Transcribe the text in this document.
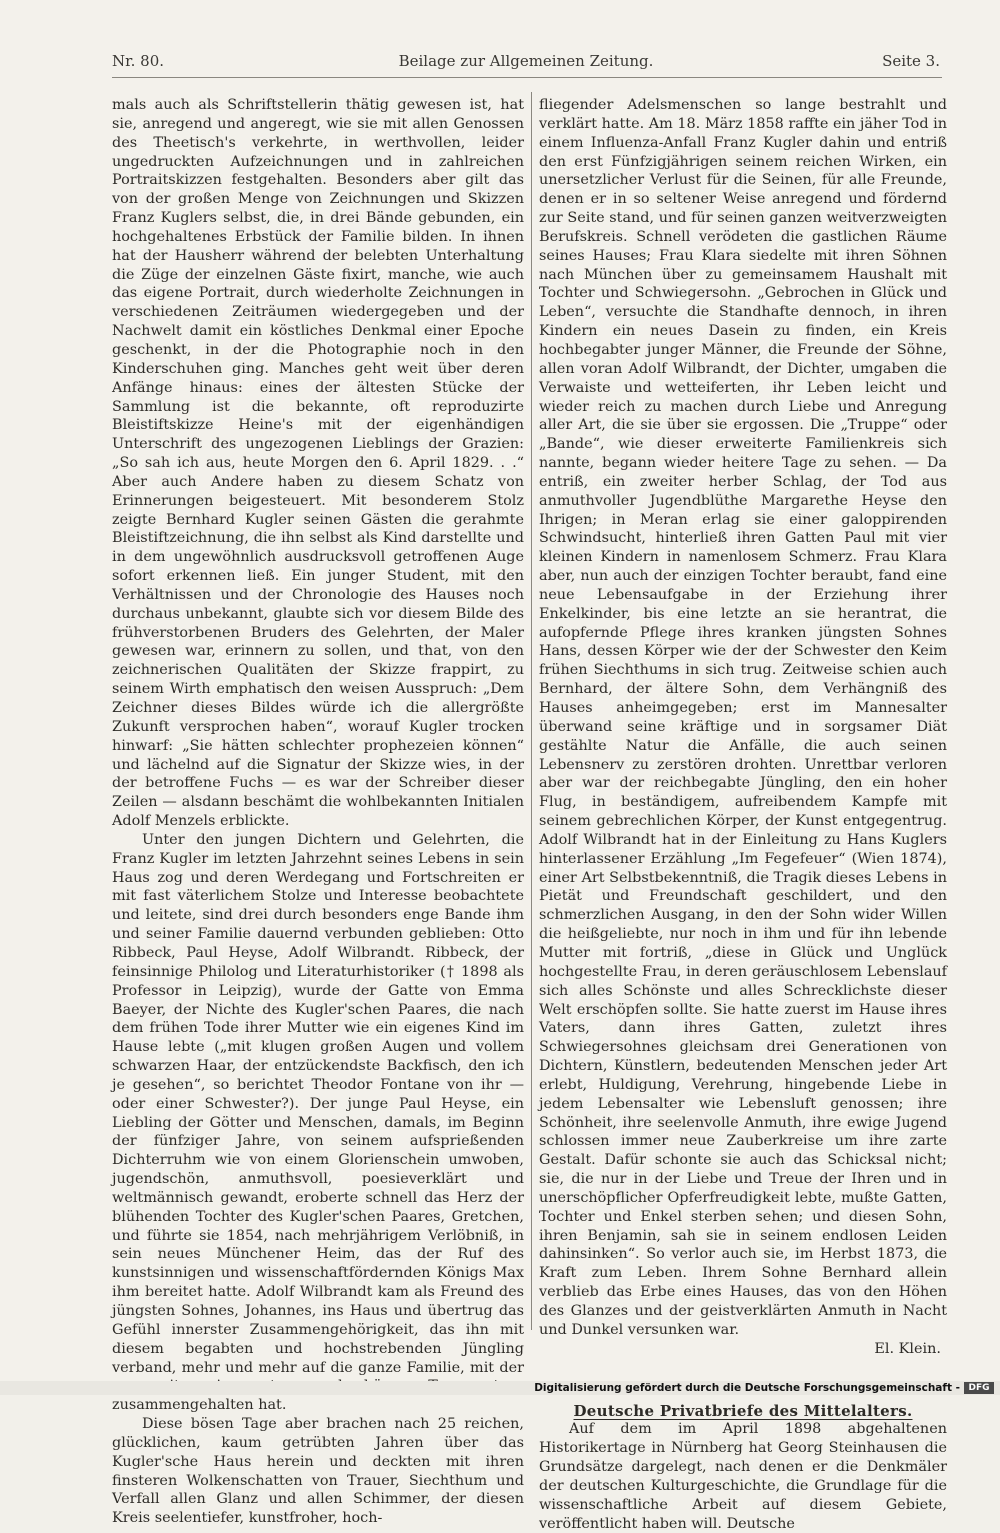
Nr. 80.	Beilage zur Allgemeinen Zeitung.	Seite 3.

mals auch als Schriftstellerin thätig gewesen ist, hat sie, anregend und angeregt, wie sie mit allen Genossen des Theetisch's verkehrte, in werthvollen, leider ungedruckten Aufzeichnungen und in zahlreichen Portraitskizzen festgehalten. Besonders aber gilt das von der großen Menge von Zeichnungen und Skizzen Franz Kuglers selbst, die, in drei Bände gebunden, ein hochgehaltenes Erbstück der Familie bilden. In ihnen hat der Hausherr während der belebten Unterhaltung die Züge der einzelnen Gäste fixirt, manche, wie auch das eigene Portrait, durch wiederholte Zeichnungen in verschiedenen Zeiträumen wiedergegeben und der Nachwelt damit ein köstliches Denkmal einer Epoche geschenkt, in der die Photographie noch in den Kinderschuhen ging. Manches geht weit über deren Anfänge hinaus: eines der ältesten Stücke der Sammlung ist die bekannte, oft reproduzirte Bleistiftskizze Heine's mit der eigenhändigen Unterschrift des ungezogenen Lieblings der Grazien: „So sah ich aus, heute Morgen den 6. April 1829. . .“ Aber auch Andere haben zu diesem Schatz von Erinnerungen beigesteuert. Mit besonderem Stolz zeigte Bernhard Kugler seinen Gästen die gerahmte Bleistiftzeichnung, die ihn selbst als Kind darstellte und in dem ungewöhnlich ausdrucksvoll getroffenen Auge sofort erkennen ließ. Ein junger Student, mit den Verhältnissen und der Chronologie des Hauses noch durchaus unbekannt, glaubte sich vor diesem Bilde des frühverstorbenen Bruders des Gelehrten, der Maler gewesen war, erinnern zu sollen, und that, von den zeichnerischen Qualitäten der Skizze frappirt, zu seinem Wirth emphatisch den weisen Ausspruch: „Dem Zeichner dieses Bildes würde ich die allergrößte Zukunft versprochen haben“, worauf Kugler trocken hinwarf: „Sie hätten schlechter prophezeien können“ und lächelnd auf die Signatur der Skizze wies, in der der betroffene Fuchs — es war der Schreiber dieser Zeilen — alsdann beschämt die wohlbekannten Initialen Adolf Menzels erblickte.

Unter den jungen Dichtern und Gelehrten, die Franz Kugler im letzten Jahrzehnt seines Lebens in sein Haus zog und deren Werdegang und Fortschreiten er mit fast väterlichem Stolze und Interesse beobachtete und leitete, sind drei durch besonders enge Bande ihm und seiner Familie dauernd verbunden geblieben: Otto Ribbeck, Paul Heyse, Adolf Wilbrandt. Ribbeck, der feinsinnige Philolog und Literaturhistoriker († 1898 als Professor in Leipzig), wurde der Gatte von Emma Baeyer, der Nichte des Kugler'schen Paares, die nach dem frühen Tode ihrer Mutter wie ein eigenes Kind im Hause lebte („mit klugen großen Augen und vollem schwarzen Haar, der entzückendste Backfisch, den ich je gesehen“, so berichtet Theodor Fontane von ihr — oder einer Schwester?). Der junge Paul Heyse, ein Liebling der Götter und Menschen, damals, im Beginn der fünfziger Jahre, von seinem aufsprießenden Dichterruhm wie von einem Glorienschein umwoben, jugendschön, anmuthsvoll, poesieverklärt und weltmännisch gewandt, eroberte schnell das Herz der blühenden Tochter des Kugler'schen Paares, Gretchen, und führte sie 1854, nach mehrjährigem Verlöbniß, in sein neues Münchener Heim, das der Ruf des kunstsinnigen und wissenschaftfördernden Königs Max ihm bereitet hatte. Adolf Wilbrandt kam als Freund des jüngsten Sohnes, Johannes, ins Haus und übertrug das Gefühl innerster Zusammengehörigkeit, das ihn mit diesem begabten und hochstrebenden Jüngling verband, mehr und mehr auf die ganze Familie, mit der zusammengehalten hat.

Diese bösen Tage aber brachen nach 25 reichen, glücklichen, kaum getrübten Jahren über das Kugler'sche Haus herein und deckten mit ihren finsteren Wolkenschatten von Trauer, Siechthum und Verfall allen Glanz und allen Schimmer, der diesen Kreis seelentiefer, kunstfroher, hoch-

fliegender Adelsmenschen so lange bestrahlt und verklärt hatte. Am 18. März 1858 raffte ein jäher Tod in einem Influenza-Anfall Franz Kugler dahin und entriß den erst Fünfzigjährigen seinem reichen Wirken, ein unersetzlicher Verlust für die Seinen, für alle Freunde, denen er in so seltener Weise anregend und fördernd zur Seite stand, und für seinen ganzen weitverzweigten Berufskreis. Schnell verödeten die gastlichen Räume seines Hauses; Frau Klara siedelte mit ihren Söhnen nach München über zu gemeinsamem Haushalt mit Tochter und Schwiegersohn. „Gebrochen in Glück und Leben“, versuchte die Standhafte dennoch, in ihren Kindern ein neues Dasein zu finden, ein Kreis hochbegabter junger Männer, die Freunde der Söhne, allen voran Adolf Wilbrandt, der Dichter, umgaben die Verwaiste und wetteiferten, ihr Leben leicht und wieder reich zu machen durch Liebe und Anregung aller Art, die sie über sie ergossen. Die „Truppe“ oder „Bande“, wie dieser erweiterte Familienkreis sich nannte, begann wieder heitere Tage zu sehen. — Da entriß, ein zweiter herber Schlag, der Tod aus anmuthvoller Jugendblüthe Margarethe Heyse den Ihrigen; in Meran erlag sie einer galoppirenden Schwindsucht, hinterließ ihren Gatten Paul mit vier kleinen Kindern in namenlosem Schmerz. Frau Klara aber, nun auch der einzigen Tochter beraubt, fand eine neue Lebensaufgabe in der Erziehung ihrer Enkelkinder, bis eine letzte an sie herantrat, die aufopfernde Pflege ihres kranken jüngsten Sohnes Hans, dessen Körper wie der der Schwester den Keim frühen Siechthums in sich trug. Zeitweise schien auch Bernhard, der ältere Sohn, dem Verhängniß des Hauses anheimgegeben; erst im Mannesalter überwand seine kräftige und in sorgsamer Diät gestählte Natur die Anfälle, die auch seinen Lebensnerv zu zerstören drohten. Unrettbar verloren aber war der reichbegabte Jüngling, den ein hoher Flug, in beständigem, aufreibendem Kampfe mit seinem gebrechlichen Körper, der Kunst entgegentrug. Adolf Wilbrandt hat in der Einleitung zu Hans Kuglers hinterlassener Erzählung „Im Fegefeuer“ (Wien 1874), einer Art Selbstbekenntniß, die Tragik dieses Lebens in Pietät und Freundschaft geschildert, und den schmerzlichen Ausgang, in den der Sohn wider Willen die heißgeliebte, nur noch in ihm und für ihn lebende Mutter mit fortriß, „diese in Glück und Unglück hochgestellte Frau, in deren geräuschlosem Lebenslauf sich alles Schönste und alles Schrecklichste dieser Welt erschöpfen sollte. Sie hatte zuerst im Hause ihres Vaters, dann ihres Gatten, zuletzt ihres Schwiegersohnes gleichsam drei Generationen von Dichtern, Künstlern, bedeutenden Menschen jeder Art erlebt, Huldigung, Verehrung, hingebende Liebe in jedem Lebensalter wie Lebensluft genossen; ihre Schönheit, ihre seelenvolle Anmuth, ihre ewige Jugend schlossen immer neue Zauberkreise um ihre zarte Gestalt. Dafür schonte sie auch das Schicksal nicht; sie, die nur in der Liebe und Treue der Ihren und in unerschöpflicher Opferfreudigkeit lebte, mußte Gatten, Tochter und Enkel sterben sehen; und diesen Sohn, ihren Benjamin, sah sie in seinem endlosen Leiden dahinsinken“. So verlor auch sie, im Herbst 1873, die Kraft zum Leben. Ihrem Sohne Bernhard allein verblieb das Erbe eines Hauses, das von den Höhen des Glanzes und der geistverklärten Anmuth in Nacht und Dunkel versunken war.

El. Klein.

Deutsche Privatbriefe des Mittelalters.

Auf dem im April 1898 abgehaltenen Historikertage in Nürnberg hat Georg Steinhausen die Grundsätze dargelegt, nach denen er die Denkmäler der deutschen Kulturgeschichte, die Grundlage für die wissenschaftliche Arbeit auf diesem Gebiete, veröffentlicht haben will. Deutsche

Digitalisierung gefördert durch die Deutsche Forschungsgemeinschaft - DFG
